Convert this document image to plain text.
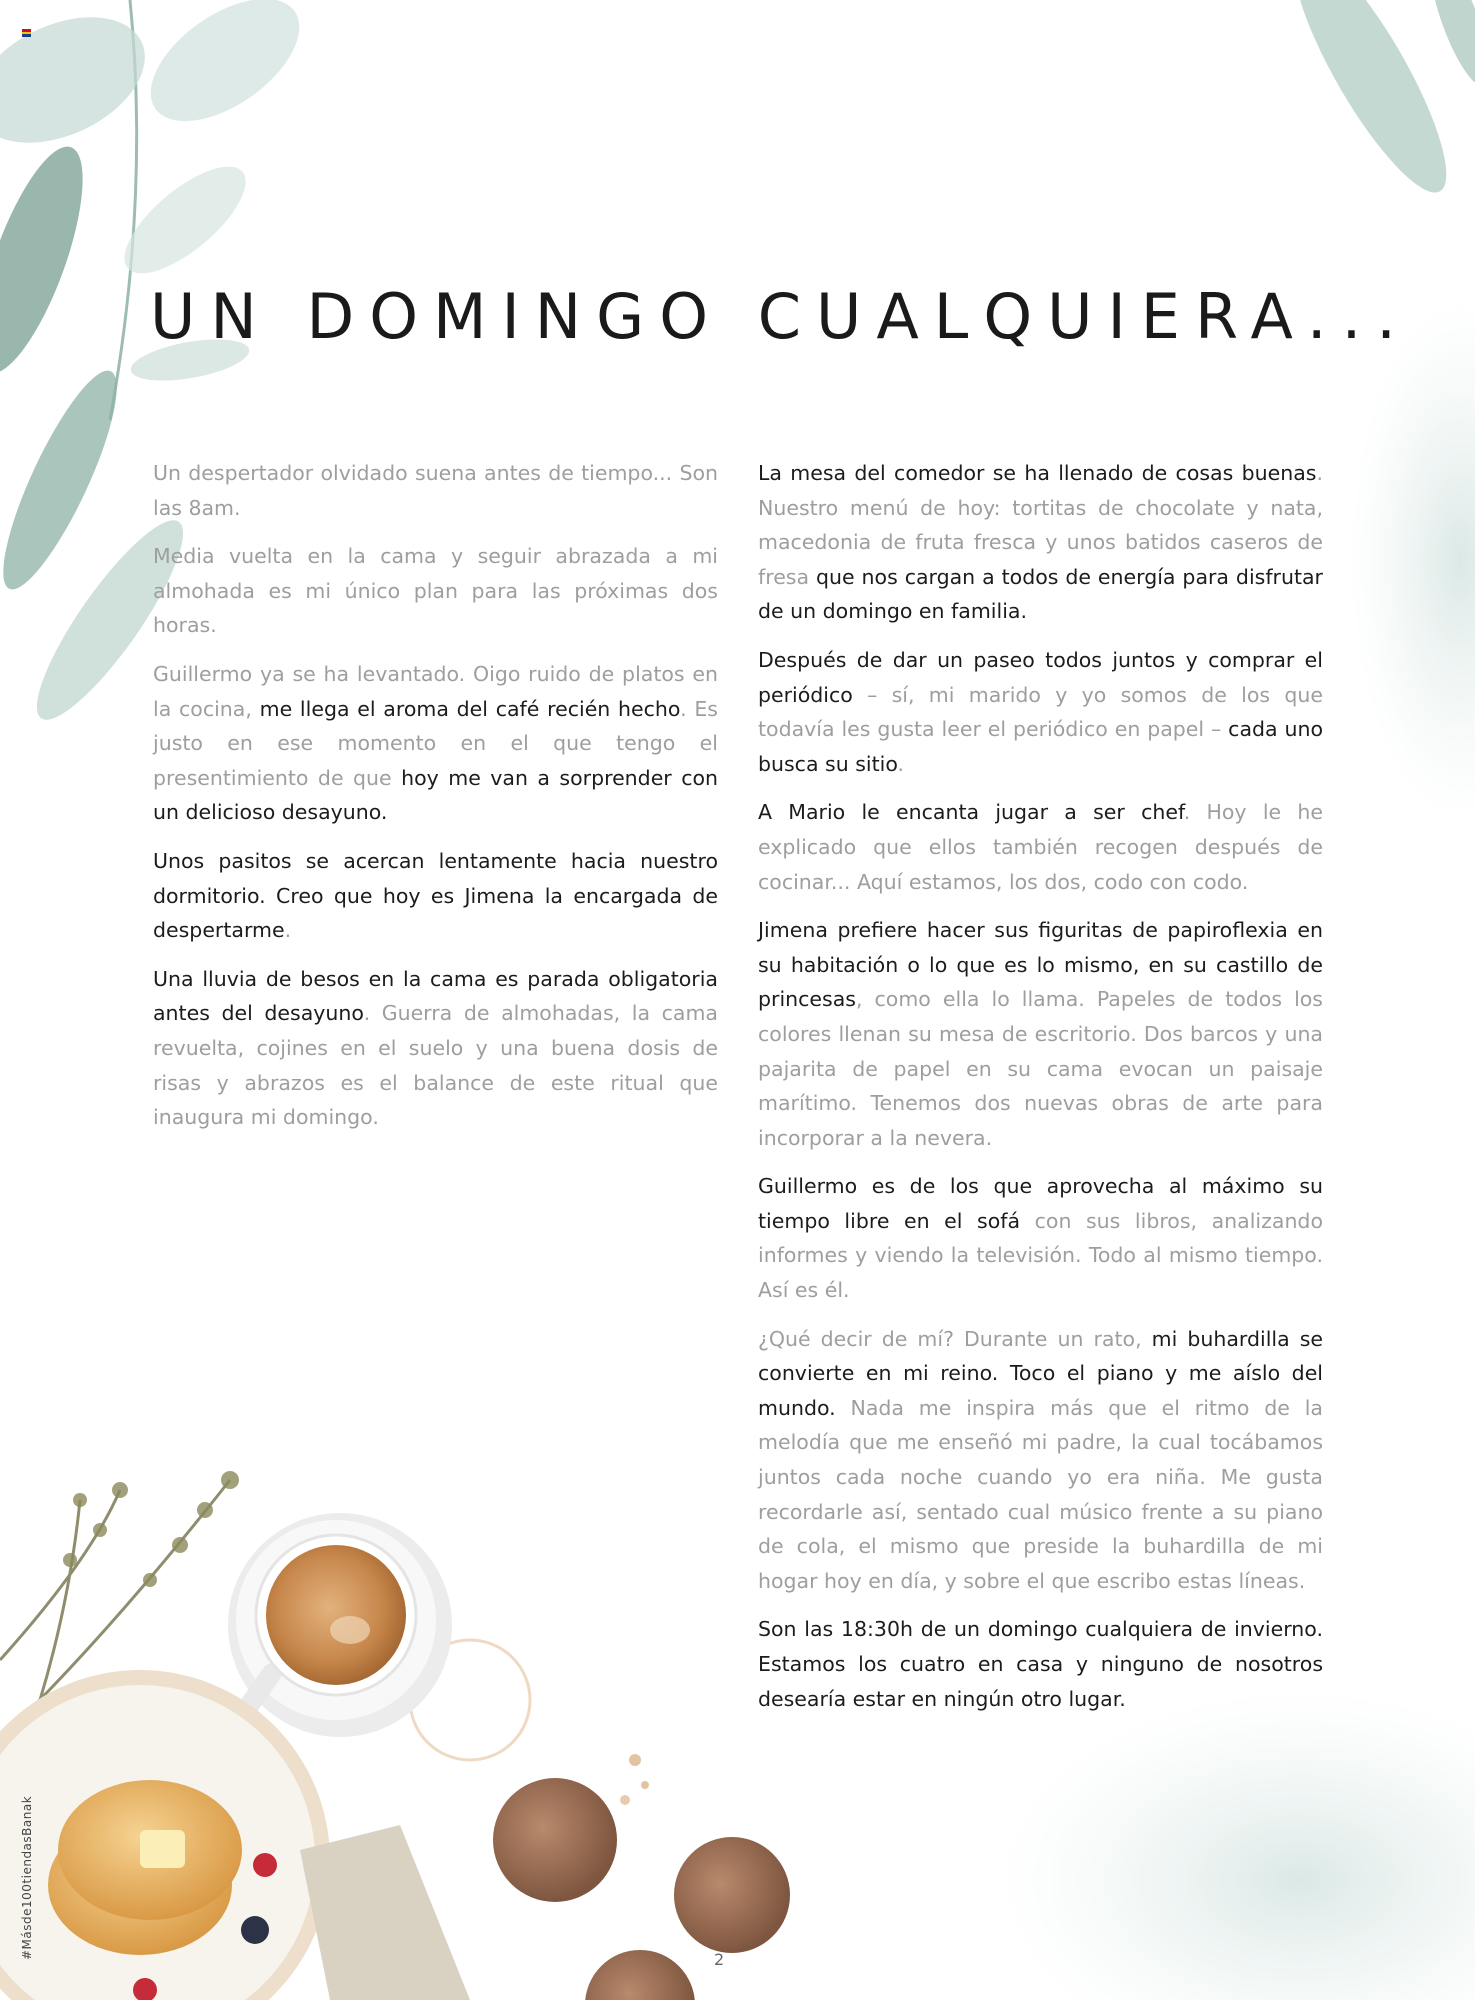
UN DOMINGO CUALQUIERA...

Un despertador olvidado suena antes de tiempo... Son las 8am.

Media vuelta en la cama y seguir abrazada a mi almohada es mi único plan para las próximas dos horas.

Guillermo ya se ha levantado. Oigo ruido de platos en la cocina, me llega el aroma del café recién hecho. Es justo en ese momento en el que tengo el presentimiento de que hoy me van a sorprender con un delicioso desayuno.

Unos pasitos se acercan lentamente hacia nuestro dormitorio. Creo que hoy es Jimena la encargada de despertarme.

Una lluvia de besos en la cama es parada obligatoria antes del desayuno. Guerra de almohadas, la cama revuelta, cojines en el suelo y una buena dosis de risas y abrazos es el balance de este ritual que inaugura mi domingo.

La mesa del comedor se ha llenado de cosas buenas. Nuestro menú de hoy: tortitas de chocolate y nata, macedonia de fruta fresca y unos batidos caseros de fresa que nos cargan a todos de energía para disfrutar de un domingo en familia.

Después de dar un paseo todos juntos y comprar el periódico – sí, mi marido y yo somos de los que todavía les gusta leer el periódico en papel – cada uno busca su sitio.

A Mario le encanta jugar a ser chef. Hoy le he explicado que ellos también recogen después de cocinar... Aquí estamos, los dos, codo con codo.

Jimena prefiere hacer sus figuritas de papiroflexia en su habitación o lo que es lo mismo, en su castillo de princesas, como ella lo llama. Papeles de todos los colores llenan su mesa de escritorio. Dos barcos y una pajarita de papel en su cama evocan un paisaje marítimo. Tenemos dos nuevas obras de arte para incorporar a la nevera.

Guillermo es de los que aprovecha al máximo su tiempo libre en el sofá con sus libros, analizando informes y viendo la televisión. Todo al mismo tiempo. Así es él.

¿Qué decir de mí? Durante un rato, mi buhardilla se convierte en mi reino. Toco el piano y me aíslo del mundo. Nada me inspira más que el ritmo de la melodía que me enseñó mi padre, la cual tocábamos juntos cada noche cuando yo era niña. Me gusta recordarle así, sentado cual músico frente a su piano de cola, el mismo que preside la buhardilla de mi hogar hoy en día, y sobre el que escribo estas líneas.

Son las 18:30h de un domingo cualquiera de invierno. Estamos los cuatro en casa y ninguno de nosotros desearía estar en ningún otro lugar.

#Másde100tiendasBanak	2
